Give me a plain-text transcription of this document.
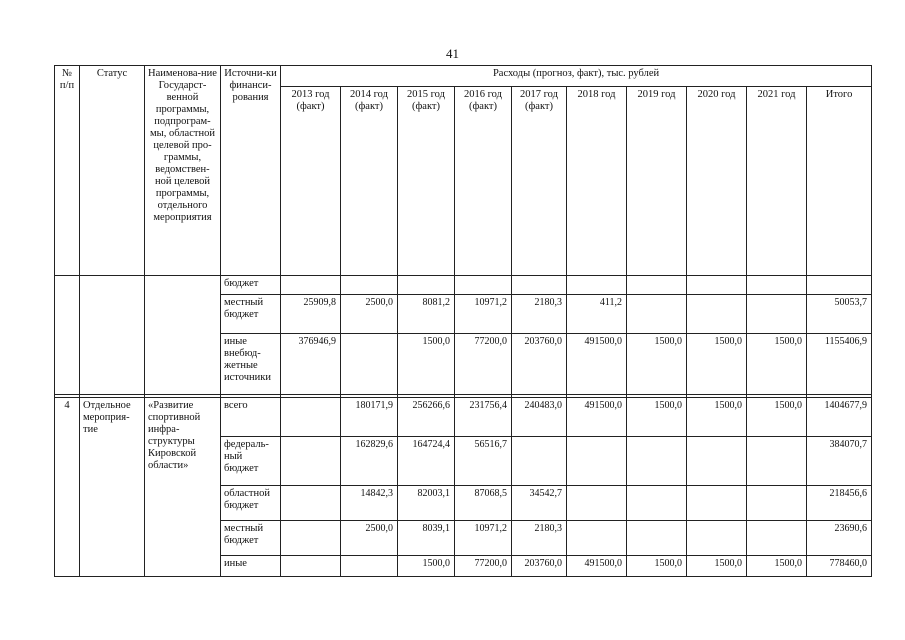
41
№ п/п	Статус	Наименова-ние Государст-венной программы, подпрограм-мы, областной целевой про-граммы, ведомствен-ной целевой программы, отдельного мероприятия	Источни-ки финанси-рования	Расходы (прогноз, факт), тыс. рублей									
				2013 год (факт)	2014 год (факт)	2015 год (факт)	2016 год (факт)	2017 год (факт)	2018 год	2019 год	2020 год	2021 год	Итого
			бюджет										
			местный бюджет	25909,8	2500,0	8081,2	10971,2	2180,3	411,2				50053,7
			иные внебюд-жетные источники	376946,9		1500,0	77200,0	203760,0	491500,0	1500,0	1500,0	1500,0	1155406,9

4	Отдельное мероприя-тие	«Развитие спортивной инфра-структуры Кировской области»	всего		180171,9	256266,6	231756,4	240483,0	491500,0	1500,0	1500,0	1500,0	1404677,9
			федераль-ный бюджет		162829,6	164724,4	56516,7						384070,7
			областной бюджет		14842,3	82003,1	87068,5	34542,7					218456,6
			местный бюджет		2500,0	8039,1	10971,2	2180,3					23690,6
			иные			1500,0	77200,0	203760,0	491500,0	1500,0	1500,0	1500,0	778460,0
